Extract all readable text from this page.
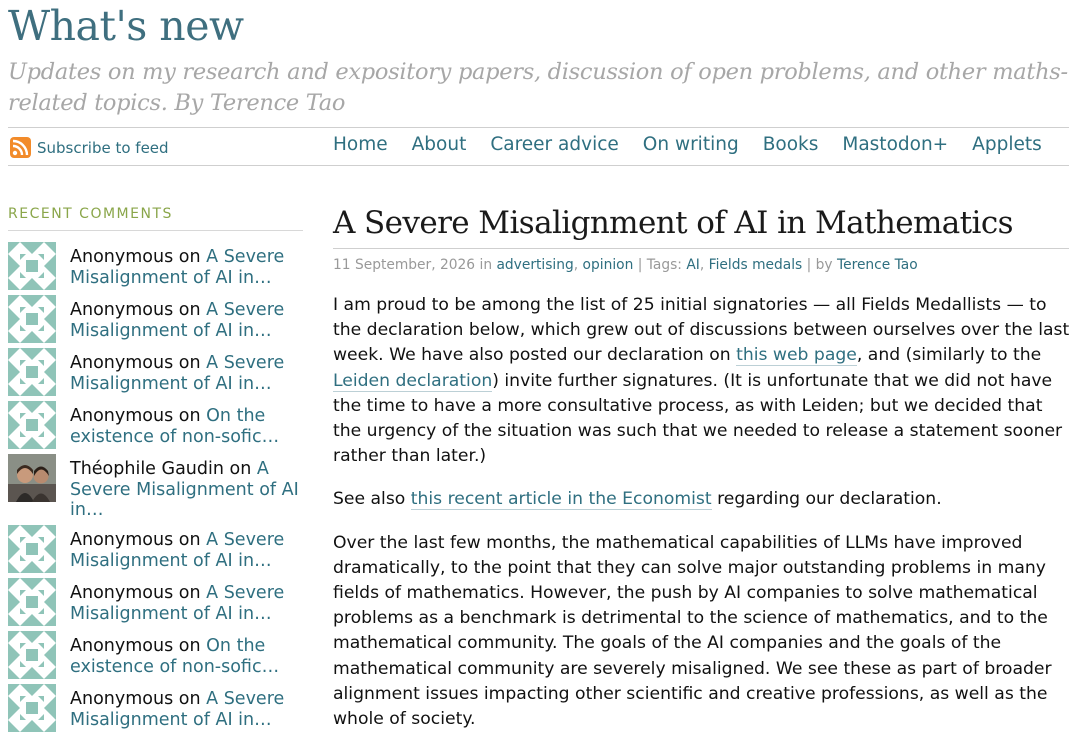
What's new
Updates on my research and expository papers, discussion of open problems, and other maths-related topics. By Terence Tao
Subscribe to feed	Home About Career advice On writing Books Mastodon+ Applets
RECENT COMMENTS
Anonymous on A Severe Misalignment of AI in…
Anonymous on A Severe Misalignment of AI in…
Anonymous on A Severe Misalignment of AI in…
Anonymous on On the existence of non-sofic…
Théophile Gaudin on A Severe Misalignment of AI in…
Anonymous on A Severe Misalignment of AI in…
Anonymous on A Severe Misalignment of AI in…
Anonymous on On the existence of non-sofic…
Anonymous on A Severe Misalignment of AI in…
A Severe Misalignment of AI in Mathematics
11 September, 2026 in advertising, opinion | Tags: AI, Fields medals | by Terence Tao

I am proud to be among the list of 25 initial signatories — all Fields Medallists — to the declaration below, which grew out of discussions between ourselves over the last week. We have also posted our declaration on this web page, and (similarly to the Leiden declaration) invite further signatures. (It is unfortunate that we did not have the time to have a more consultative process, as with Leiden; but we decided that the urgency of the situation was such that we needed to release a statement sooner rather than later.)

See also this recent article in the Economist regarding our declaration.

Over the last few months, the mathematical capabilities of LLMs have improved dramatically, to the point that they can solve major outstanding problems in many fields of mathematics. However, the push by AI companies to solve mathematical problems as a benchmark is detrimental to the science of mathematics, and to the mathematical community. The goals of the AI companies and the goals of the mathematical community are severely misaligned. We see these as part of broader alignment issues impacting other scientific and creative professions, as well as the whole of society.
